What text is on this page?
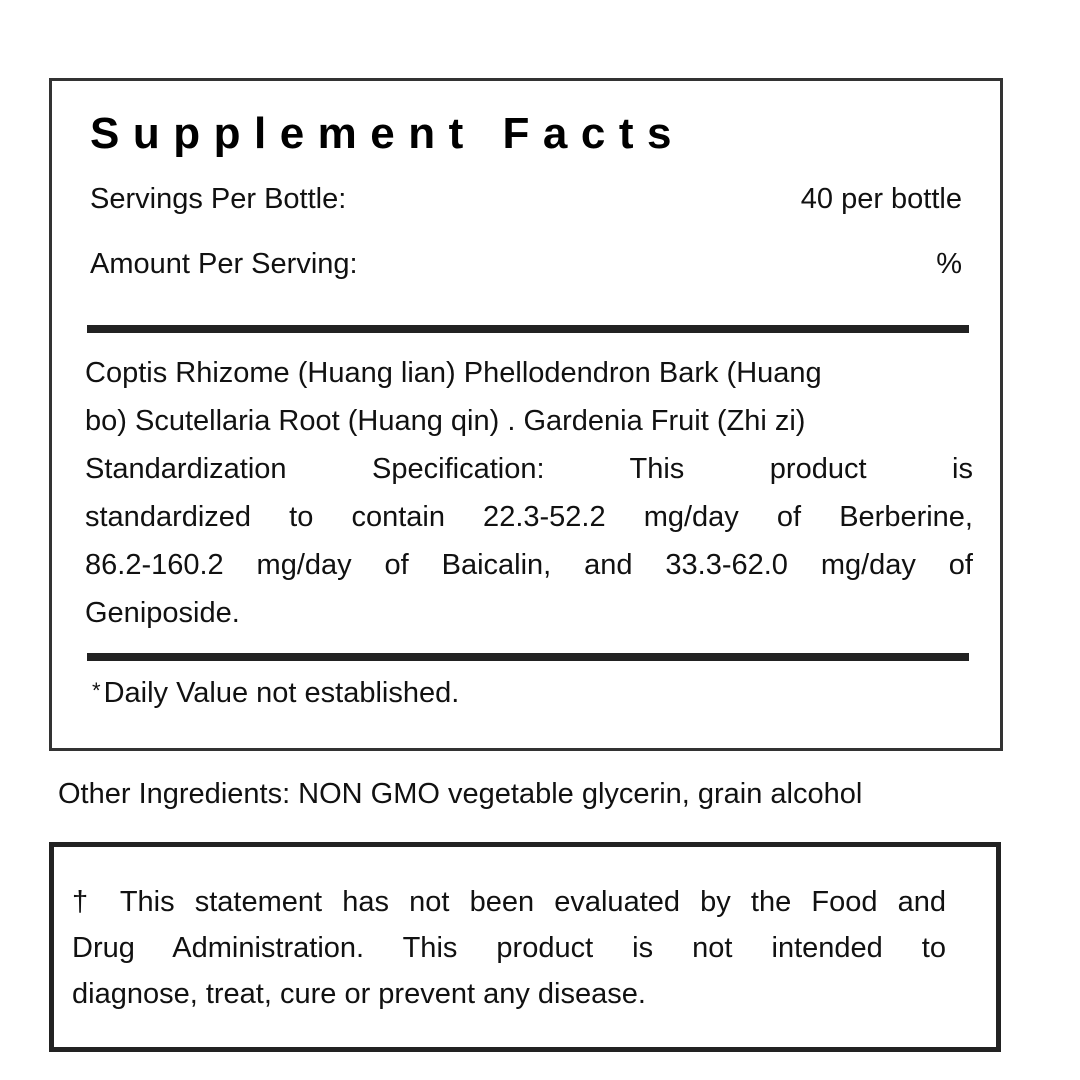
Supplement Facts
Servings Per Bottle:	40 per bottle
Amount Per Serving:	%
Coptis Rhizome (Huang lian) Phellodendron Bark (Huang
bo) Scutellaria Root (Huang qin) . Gardenia Fruit (Zhi zi)
Standardization Specification: This product is
standardized to contain 22.3-52.2 mg/day of Berberine,
86.2-160.2 mg/day of Baicalin, and 33.3-62.0 mg/day of
Geniposide.
* Daily Value not established.
Other Ingredients: NON GMO vegetable glycerin, grain alcohol
† This statement has not been evaluated by the Food and
Drug Administration. This product is not intended to
diagnose, treat, cure or prevent any disease.
